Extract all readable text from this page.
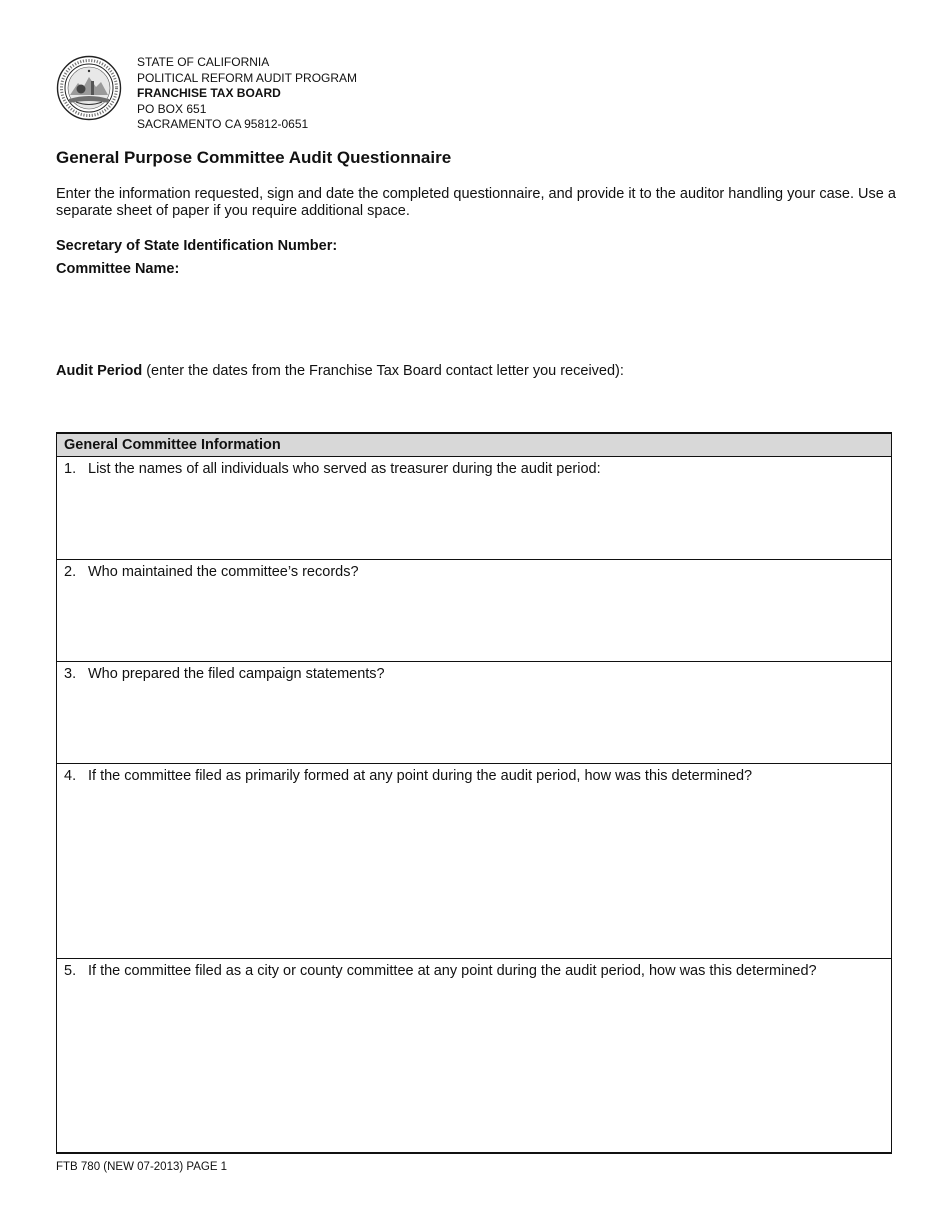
STATE OF CALIFORNIA
POLITICAL REFORM AUDIT PROGRAM
FRANCHISE TAX BOARD
PO BOX 651
SACRAMENTO CA 95812-0651
General Purpose Committee Audit Questionnaire
Enter the information requested, sign and date the completed questionnaire, and provide it to the auditor handling your case. Use a separate sheet of paper if you require additional space.
Secretary of State Identification Number:
Committee Name:
Audit Period (enter the dates from the Franchise Tax Board contact letter you received):
General Committee Information
1. List the names of all individuals who served as treasurer during the audit period:
2. Who maintained the committee’s records?
3. Who prepared the filed campaign statements?
4. If the committee filed as primarily formed at any point during the audit period, how was this determined?
5. If the committee filed as a city or county committee at any point during the audit period, how was this determined?
FTB 780 (NEW 07-2013) PAGE 1
